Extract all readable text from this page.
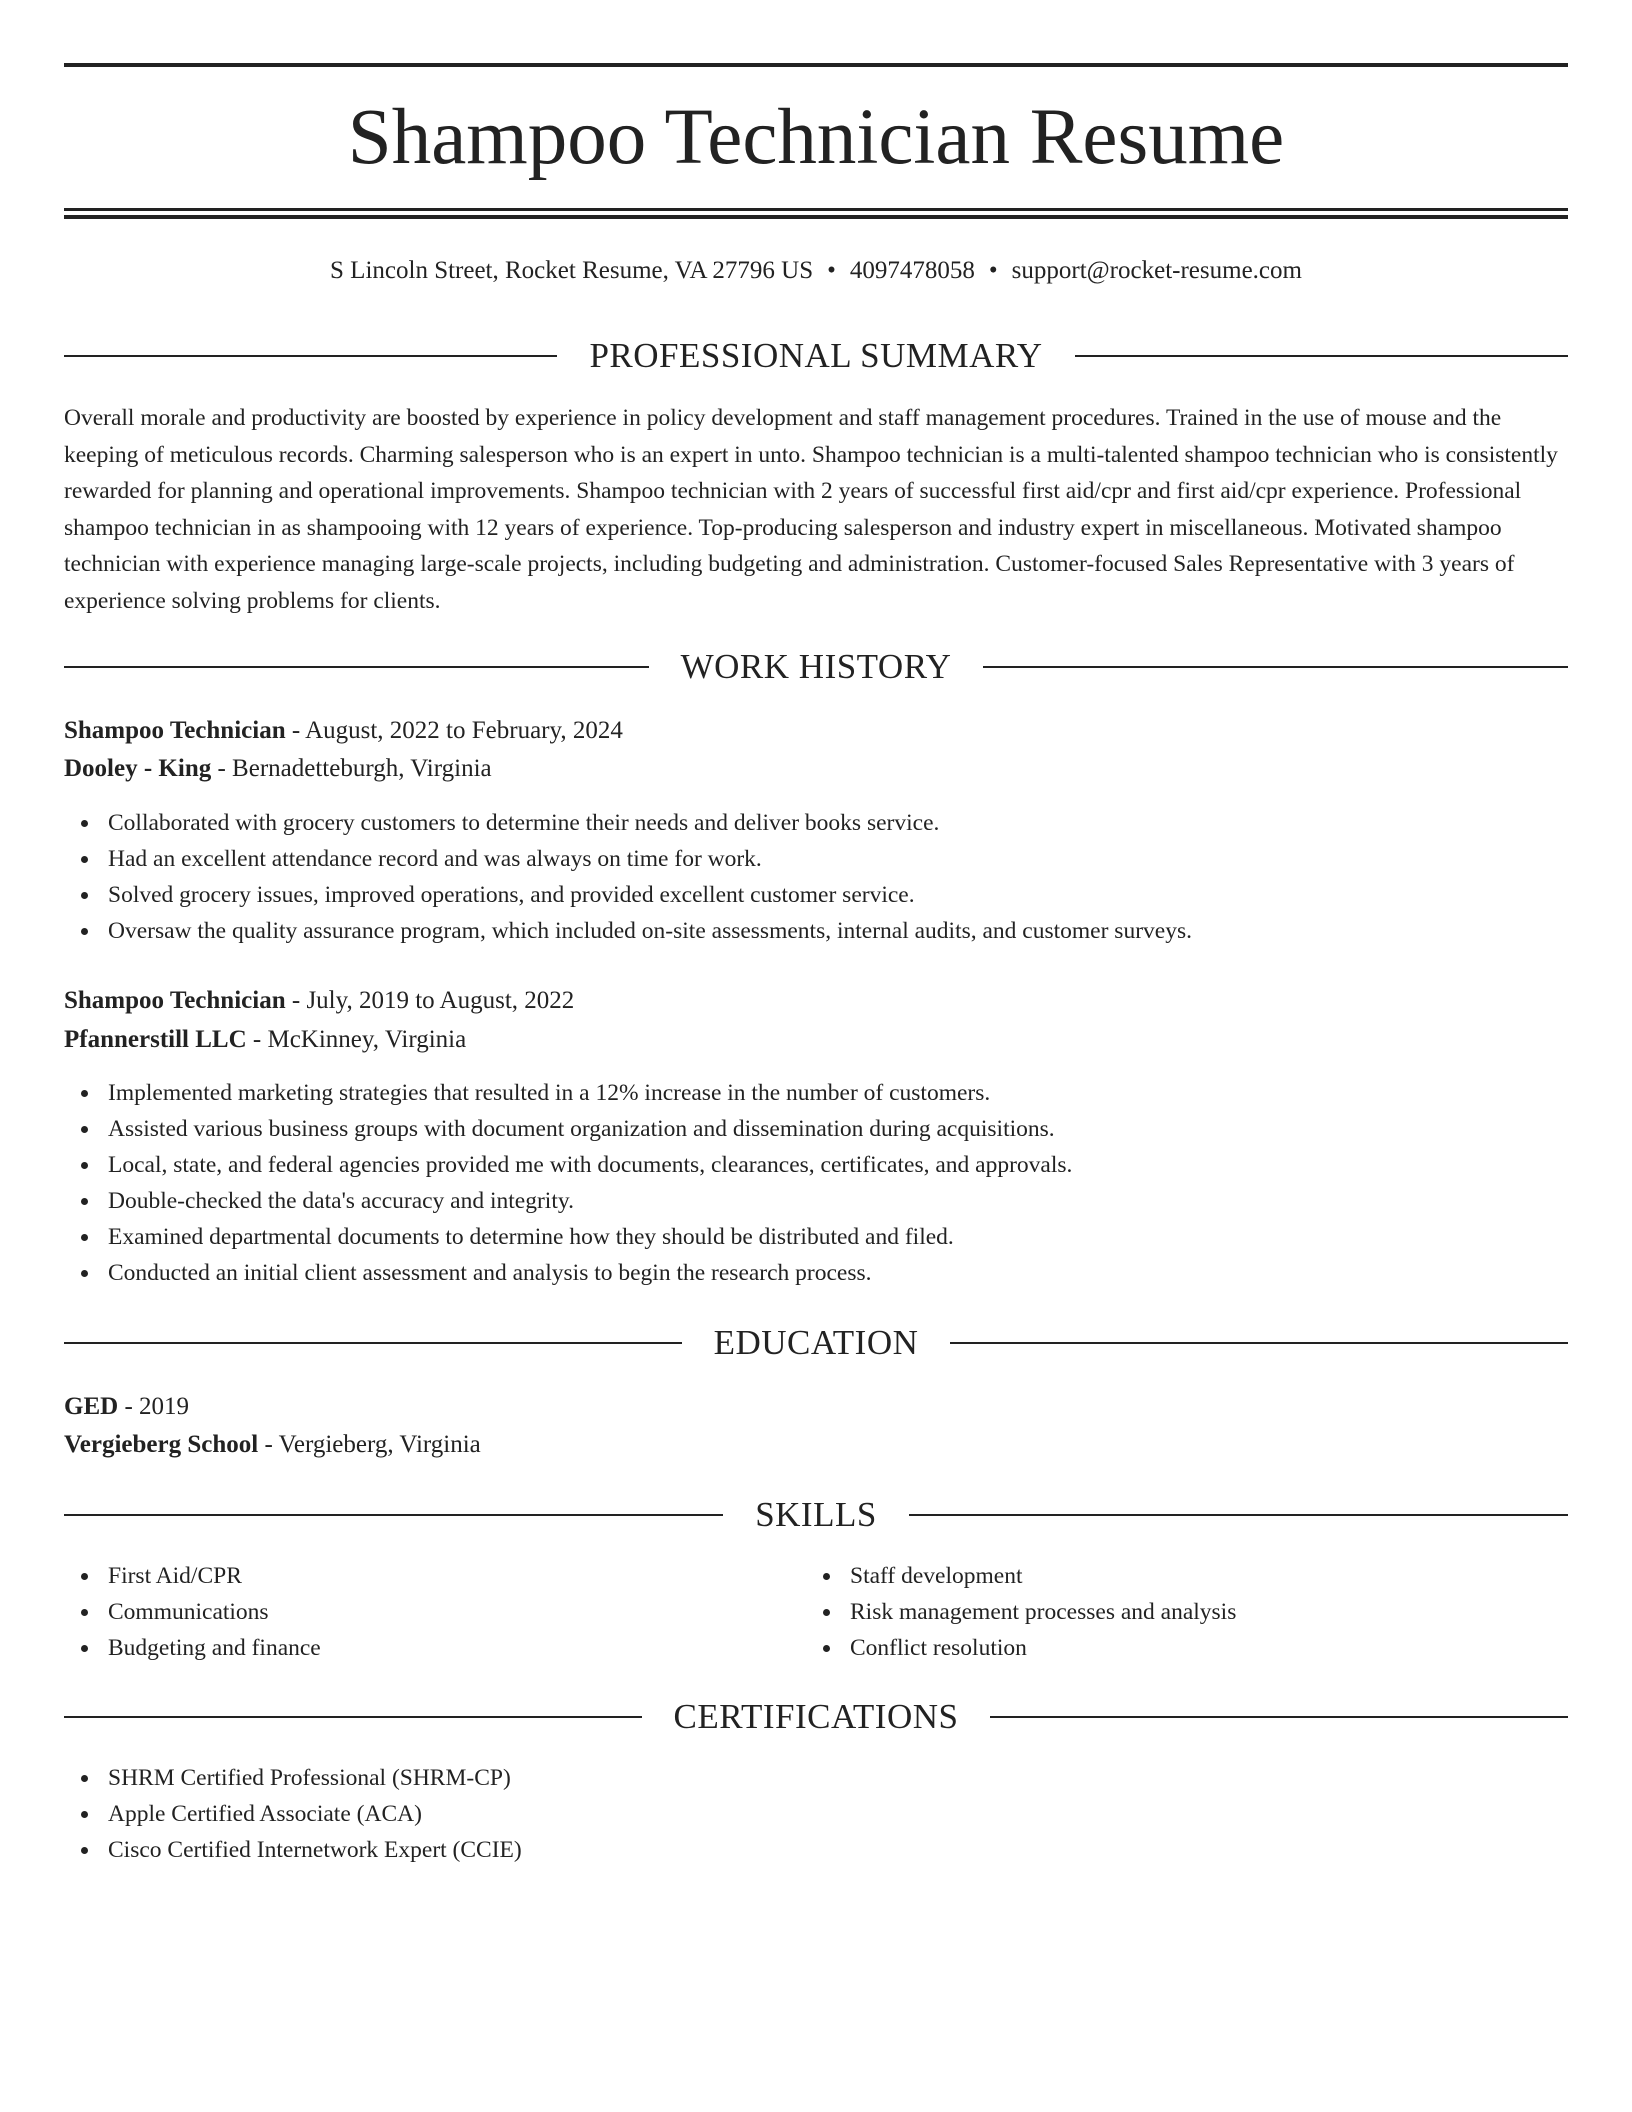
Shampoo Technician Resume
S Lincoln Street, Rocket Resume, VA 27796 US • 4097478058 • support@rocket-resume.com
PROFESSIONAL SUMMARY

Overall morale and productivity are boosted by experience in policy development and staff management procedures. Trained in the use of mouse and the keeping of meticulous records. Charming salesperson who is an expert in unto. Shampoo technician is a multi-talented shampoo technician who is consistently rewarded for planning and operational improvements. Shampoo technician with 2 years of successful first aid/cpr and first aid/cpr experience. Professional shampoo technician in as shampooing with 12 years of experience. Top-producing salesperson and industry expert in miscellaneous. Motivated shampoo technician with experience managing large-scale projects, including budgeting and administration. Customer-focused Sales Representative with 3 years of experience solving problems for clients.

WORK HISTORY
Shampoo Technician - August, 2022 to February, 2024
Dooley - King - Bernadetteburgh, Virginia
Collaborated with grocery customers to determine their needs and deliver books service.
Had an excellent attendance record and was always on time for work.
Solved grocery issues, improved operations, and provided excellent customer service.
Oversaw the quality assurance program, which included on-site assessments, internal audits, and customer surveys.
Shampoo Technician - July, 2019 to August, 2022
Pfannerstill LLC - McKinney, Virginia
Implemented marketing strategies that resulted in a 12% increase in the number of customers.
Assisted various business groups with document organization and dissemination during acquisitions.
Local, state, and federal agencies provided me with documents, clearances, certificates, and approvals.
Double-checked the data's accuracy and integrity.
Examined departmental documents to determine how they should be distributed and filed.
Conducted an initial client assessment and analysis to begin the research process.
EDUCATION
GED - 2019
Vergieberg School - Vergieberg, Virginia
SKILLS
First Aid/CPR
Communications
Budgeting and finance
Staff development
Risk management processes and analysis
Conflict resolution
CERTIFICATIONS
SHRM Certified Professional (SHRM-CP)
Apple Certified Associate (ACA)
Cisco Certified Internetwork Expert (CCIE)
